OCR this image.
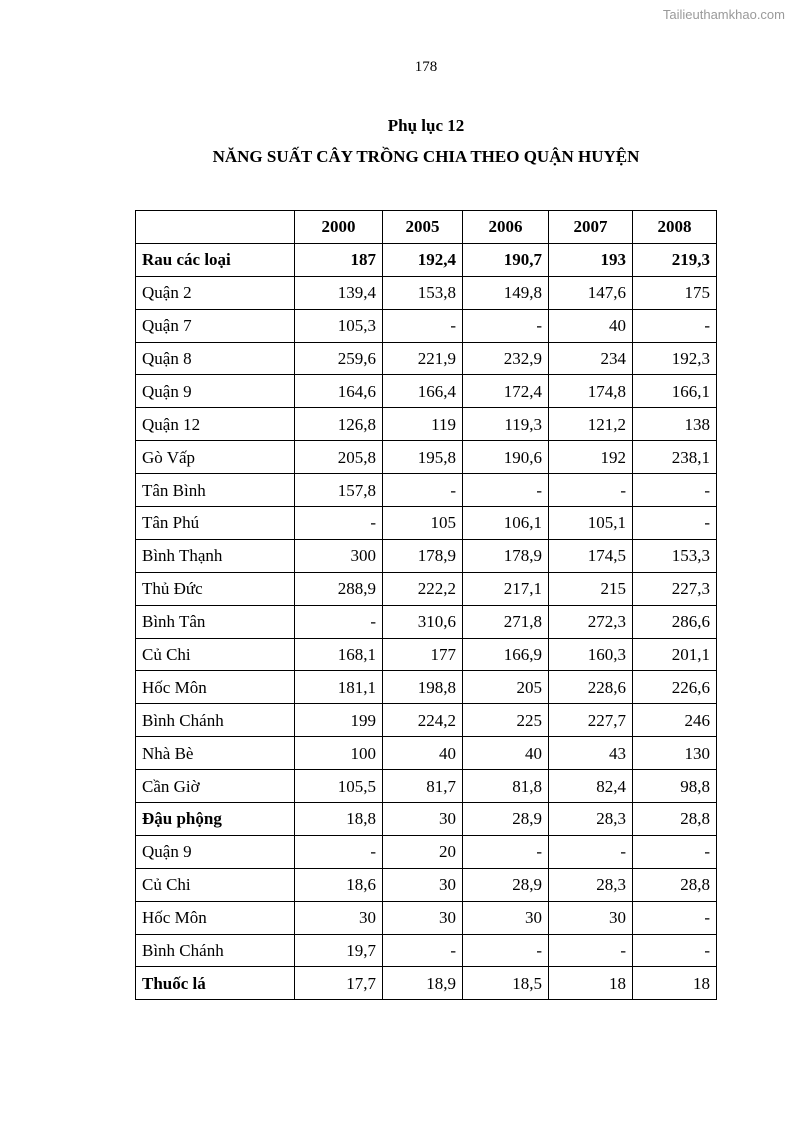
Tailieuthamkhao.com
178
Phụ lục 12
NĂNG SUẤT CÂY TRỒNG CHIA THEO QUẬN HUYỆN
	2000	2005	2006	2007	2008
Rau các loại	187	192,4	190,7	193	219,3
Quận 2	139,4	153,8	149,8	147,6	175
Quận 7	105,3	-	-	40	-
Quận 8	259,6	221,9	232,9	234	192,3
Quận 9	164,6	166,4	172,4	174,8	166,1
Quận 12	126,8	119	119,3	121,2	138
Gò Vấp	205,8	195,8	190,6	192	238,1
Tân Bình	157,8	-	-	-	-
Tân Phú	-	105	106,1	105,1	-
Bình Thạnh	300	178,9	178,9	174,5	153,3
Thủ Đức	288,9	222,2	217,1	215	227,3
Bình Tân	-	310,6	271,8	272,3	286,6
Củ Chi	168,1	177	166,9	160,3	201,1
Hốc Môn	181,1	198,8	205	228,6	226,6
Bình Chánh	199	224,2	225	227,7	246
Nhà Bè	100	40	40	43	130
Cần Giờ	105,5	81,7	81,8	82,4	98,8
Đậu phộng	18,8	30	28,9	28,3	28,8
Quận 9	-	20	-	-	-
Củ Chi	18,6	30	28,9	28,3	28,8
Hốc Môn	30	30	30	30	-
Bình Chánh	19,7	-	-	-	-
Thuốc lá	17,7	18,9	18,5	18	18
